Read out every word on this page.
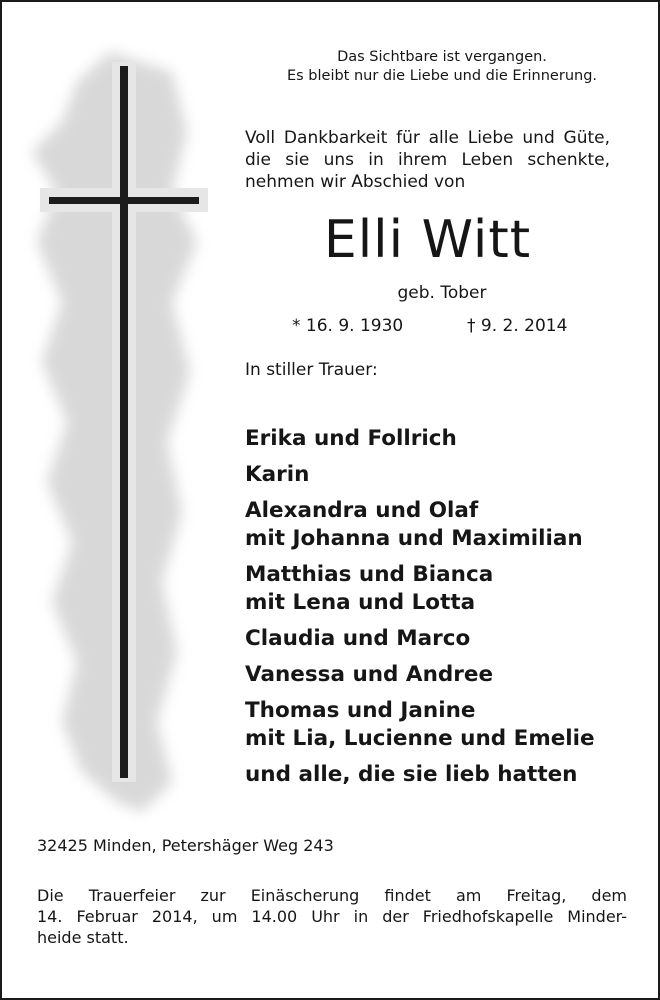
Das Sichtbare ist vergangen.
Es bleibt nur die Liebe und die Erinnerung.
Voll Dankbarkeit für alle Liebe und Güte,
die sie uns in ihrem Leben schenkte,
nehmen wir Abschied von
Elli Witt
geb. Tober
* 16. 9. 1930	† 9. 2. 2014
In stiller Trauer:
Erika und Follrich
Karin
Alexandra und Olaf
mit Johanna und Maximilian
Matthias und Bianca
mit Lena und Lotta
Claudia und Marco
Vanessa und Andree
Thomas und Janine
mit Lia, Lucienne und Emelie
und alle, die sie lieb hatten
32425 Minden, Petershäger Weg 243
Die Trauerfeier zur Einäscherung findet am Freitag, dem
14. Februar 2014, um 14.00 Uhr in der Friedhofskapelle Minder-
heide statt.
